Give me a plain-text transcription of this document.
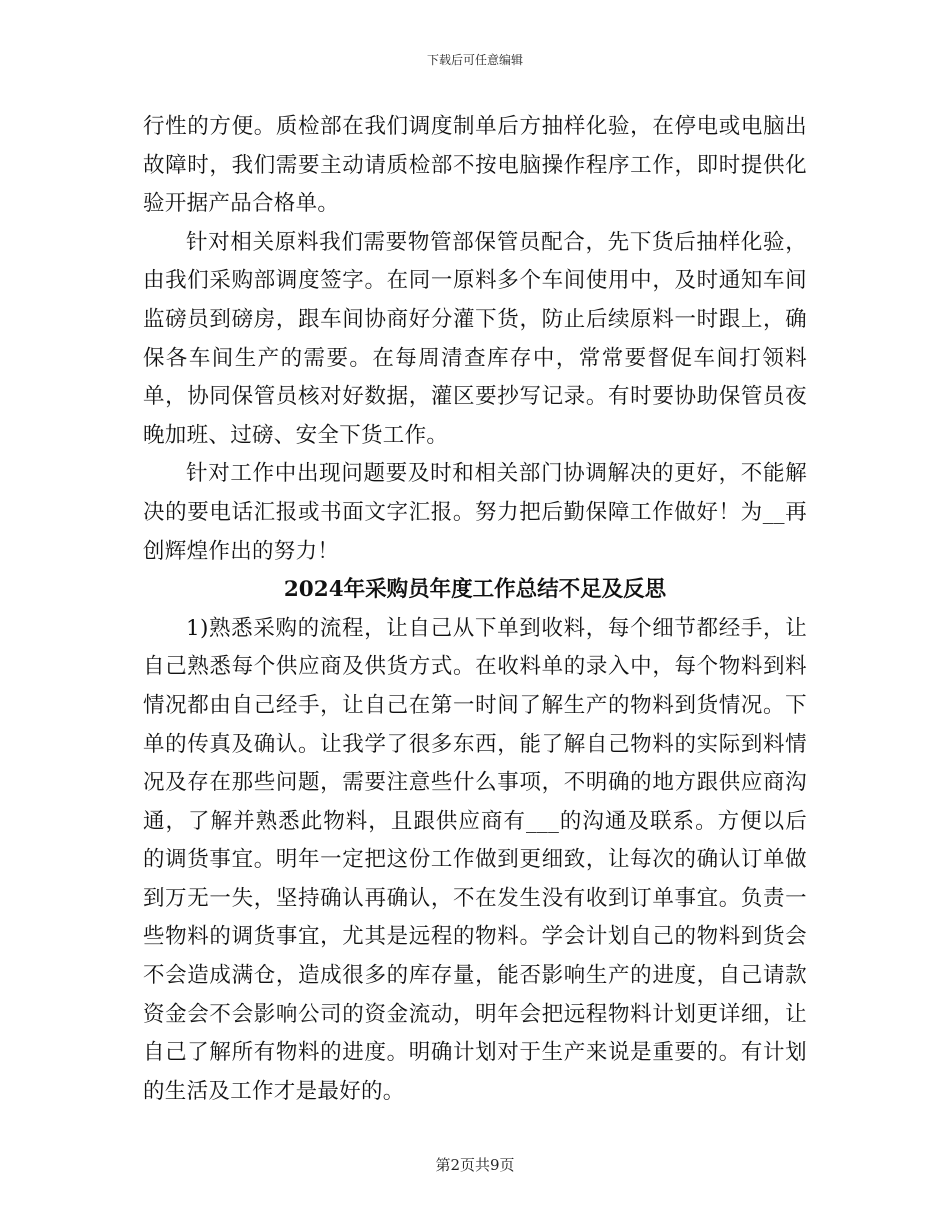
下载后可任意编辑

行性的方便。质检部在我们调度制单后方抽样化验，在停电或电脑出故障时，我们需要主动请质检部不按电脑操作程序工作，即时提供化验开据产品合格单。

针对相关原料我们需要物管部保管员配合，先下货后抽样化验，由我们采购部调度签字。在同一原料多个车间使用中，及时通知车间监磅员到磅房，跟车间协商好分灌下货，防止后续原料一时跟上，确保各车间生产的需要。在每周清查库存中，常常要督促车间打领料单，协同保管员核对好数据，灌区要抄写记录。有时要协助保管员夜晚加班、过磅、安全下货工作。

针对工作中出现问题要及时和相关部门协调解决的更好，不能解决的要电话汇报或书面文字汇报。努力把后勤保障工作做好！为__再创辉煌作出的努力！

2024年采购员年度工作总结不足及反思

1)熟悉采购的流程，让自己从下单到收料，每个细节都经手，让自己熟悉每个供应商及供货方式。在收料单的录入中，每个物料到料情况都由自己经手，让自己在第一时间了解生产的物料到货情况。下单的传真及确认。让我学了很多东西，能了解自己物料的实际到料情况及存在那些问题，需要注意些什么事项，不明确的地方跟供应商沟通，了解并熟悉此物料，且跟供应商有___的沟通及联系。方便以后的调货事宜。明年一定把这份工作做到更细致，让每次的确认订单做到万无一失，坚持确认再确认，不在发生没有收到订单事宜。负责一些物料的调货事宜，尤其是远程的物料。学会计划自己的物料到货会不会造成满仓，造成很多的库存量，能否影响生产的进度，自己请款资金会不会影响公司的资金流动，明年会把远程物料计划更详细，让自己了解所有物料的进度。明确计划对于生产来说是重要的。有计划的生活及工作才是最好的。

第2页共9页
